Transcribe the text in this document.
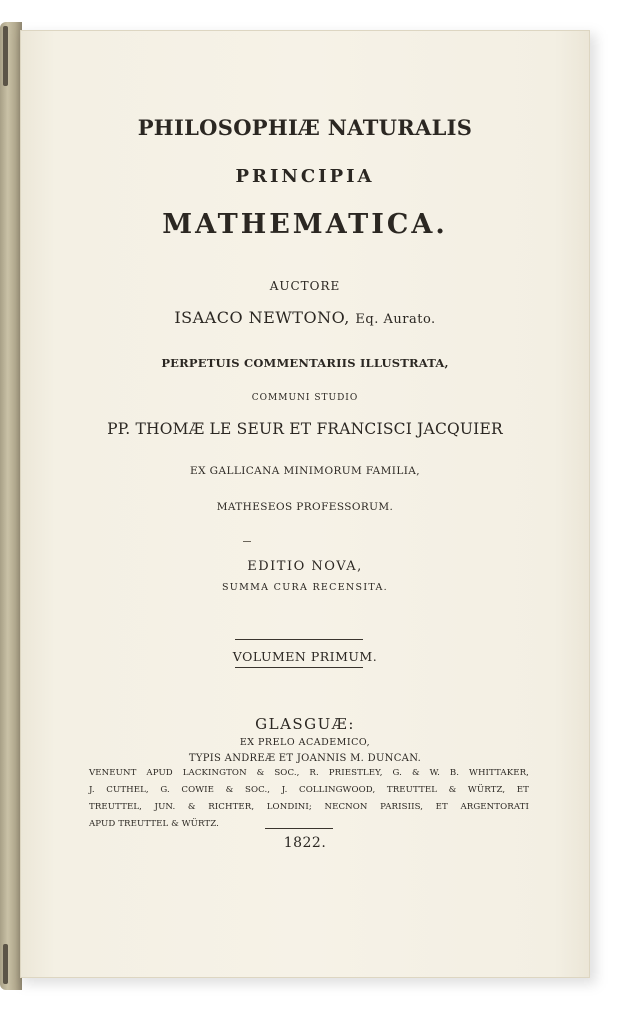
PHILOSOPHIÆ NATURALIS
PRINCIPIA
MATHEMATICA.
AUCTORE
ISAACO NEWTONO, Eq. Aurato.
PERPETUIS COMMENTARIIS ILLUSTRATA,
COMMUNI STUDIO
PP. THOMÆ LE SEUR ET FRANCISCI JACQUIER
EX GALLICANA MINIMORUM FAMILIA,
MATHESEOS PROFESSORUM.
EDITIO NOVA,
SUMMA CURA RECENSITA.
VOLUMEN PRIMUM.
GLASGUÆ:
EX PRELO ACADEMICO,
TYPIS ANDREÆ ET JOANNIS M. DUNCAN.
VENEUNT APUD LACKINGTON & SOC., R. PRIESTLEY, G. & W. B. WHITTAKER,
J. CUTHEL, G. COWIE & SOC., J. COLLINGWOOD, TREUTTEL & WÜRTZ, ET
TREUTTEL, JUN. & RICHTER, LONDINI; NECNON PARISIIS, ET ARGENTORATI
APUD TREUTTEL & WÜRTZ.
1822.
